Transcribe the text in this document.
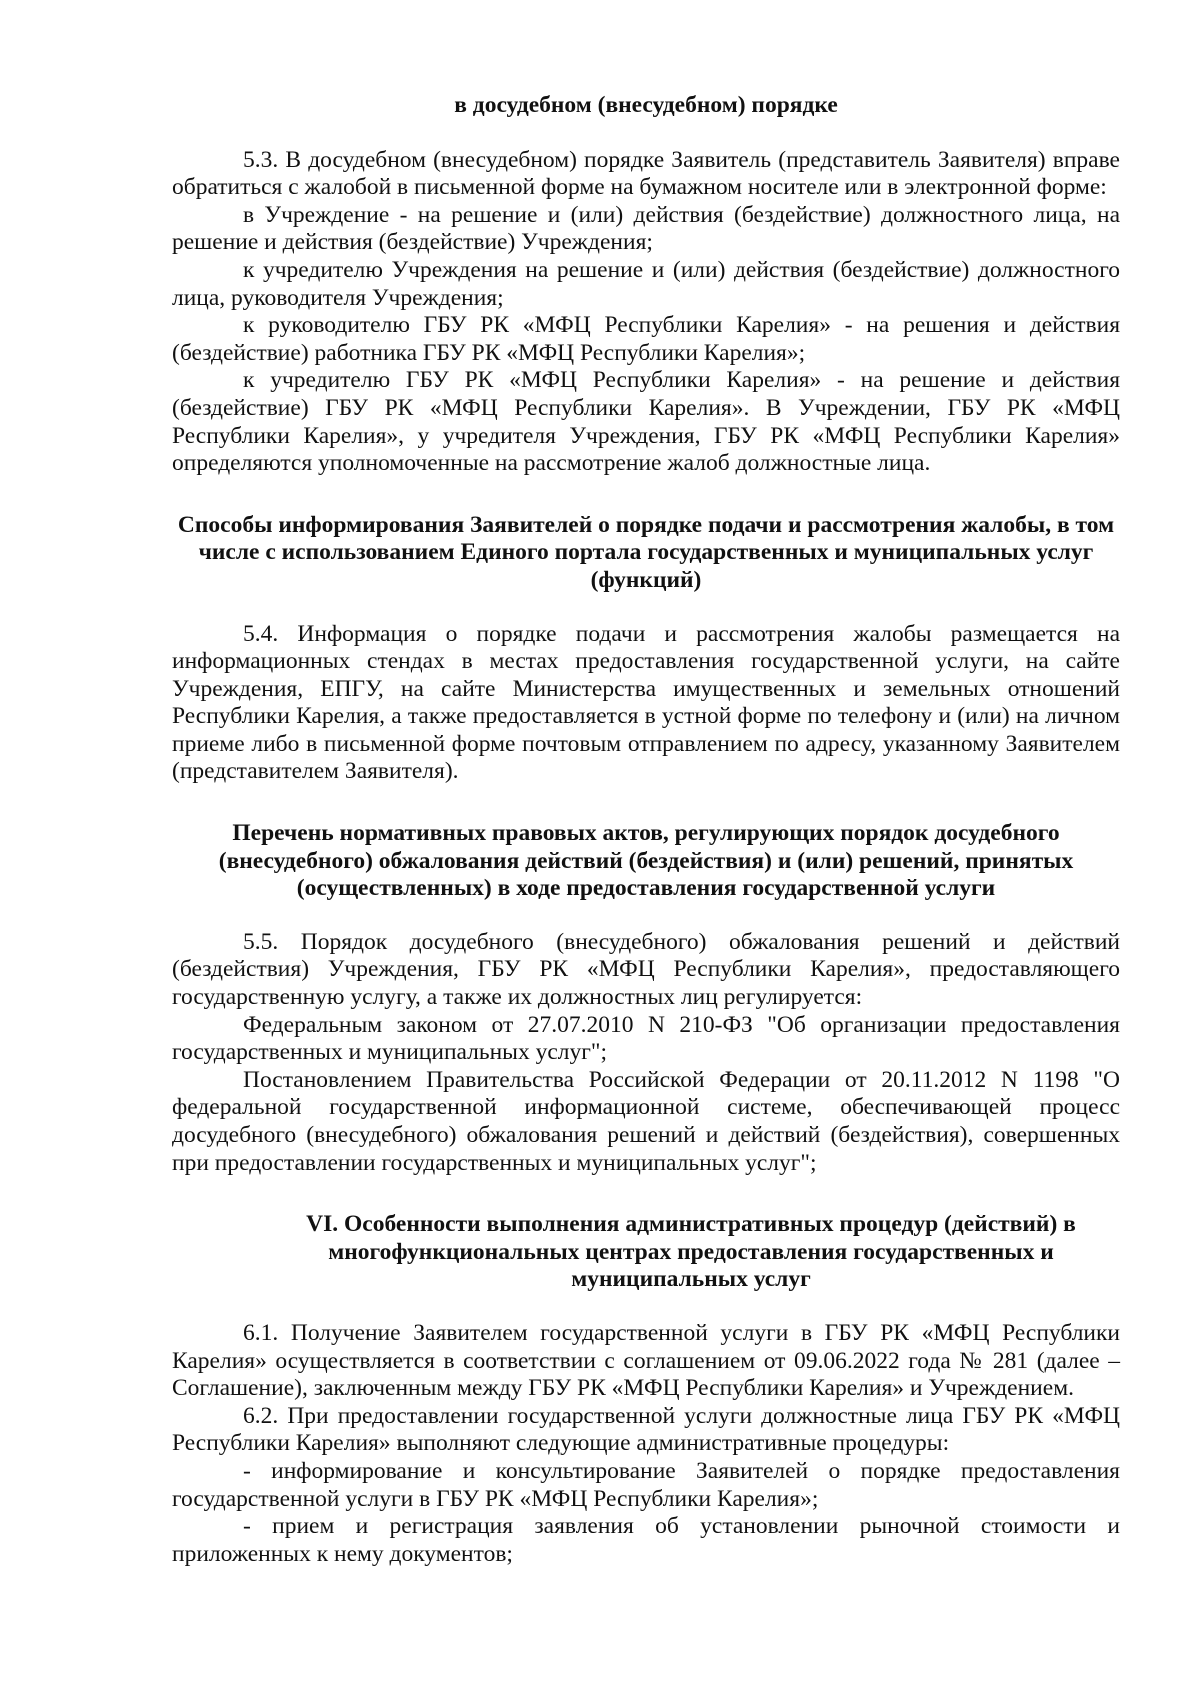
в досудебном (внесудебном) порядке

5.3. В досудебном (внесудебном) порядке Заявитель (представитель Заявителя) вправе обратиться с жалобой в письменной форме на бумажном носителе или в электронной форме:

в Учреждение - на решение и (или) действия (бездействие) должностного лица, на решение и действия (бездействие) Учреждения;

к учредителю Учреждения на решение и (или) действия (бездействие) должностного лица, руководителя Учреждения;

к руководителю ГБУ РК «МФЦ Республики Карелия» - на решения и действия (бездействие) работника ГБУ РК «МФЦ Республики Карелия»;

к учредителю ГБУ РК «МФЦ Республики Карелия» - на решение и действия (бездействие) ГБУ РК «МФЦ Республики Карелия». В Учреждении, ГБУ РК «МФЦ Республики Карелия», у учредителя Учреждения, ГБУ РК «МФЦ Республики Карелия» определяются уполномоченные на рассмотрение жалоб должностные лица.

Способы информирования Заявителей о порядке подачи и рассмотрения жалобы, в том числе с использованием Единого портала государственных и муниципальных услуг (функций)

5.4. Информация о порядке подачи и рассмотрения жалобы размещается на информационных стендах в местах предоставления государственной услуги, на сайте Учреждения, ЕПГУ, на сайте Министерства имущественных и земельных отношений Республики Карелия, а также предоставляется в устной форме по телефону и (или) на личном приеме либо в письменной форме почтовым отправлением по адресу, указанному Заявителем (представителем Заявителя).

Перечень нормативных правовых актов, регулирующих порядок досудебного (внесудебного) обжалования действий (бездействия) и (или) решений, принятых (осуществленных) в ходе предоставления государственной услуги

5.5. Порядок досудебного (внесудебного) обжалования решений и действий (бездействия) Учреждения, ГБУ РК «МФЦ Республики Карелия», предоставляющего государственную услугу, а также их должностных лиц регулируется:

Федеральным законом от 27.07.2010 N 210-ФЗ "Об организации предоставления государственных и муниципальных услуг";

Постановлением Правительства Российской Федерации от 20.11.2012 N 1198 "О федеральной государственной информационной системе, обеспечивающей процесс досудебного (внесудебного) обжалования решений и действий (бездействия), совершенных при предоставлении государственных и муниципальных услуг";

VI. Особенности выполнения административных процедур (действий) в многофункциональных центрах предоставления государственных и муниципальных услуг

6.1. Получение Заявителем государственной услуги в ГБУ РК «МФЦ Республики Карелия» осуществляется в соответствии с соглашением от 09.06.2022 года № 281 (далее – Соглашение), заключенным между ГБУ РК «МФЦ Республики Карелия» и Учреждением.

6.2. При предоставлении государственной услуги должностные лица ГБУ РК «МФЦ Республики Карелия» выполняют следующие административные процедуры:

- информирование и консультирование Заявителей о порядке предоставления государственной услуги в ГБУ РК «МФЦ Республики Карелия»;

- прием и регистрация заявления об установлении рыночной стоимости и приложенных к нему документов;
